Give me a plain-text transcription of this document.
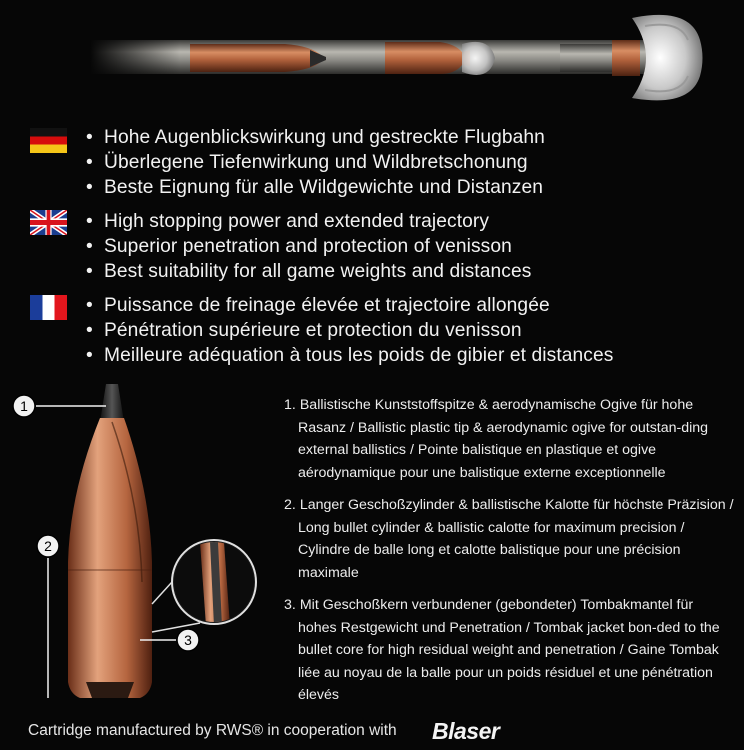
• Hohe Augenblickswirkung und gestreckte Flugbahn
• Überlegene Tiefenwirkung und Wildbretschonung
• Beste Eignung für alle Wildgewichte und Distanzen
• High stopping power and extended trajectory
• Superior penetration and protection of venisson
• Best suitability for all game weights and distances
• Puissance de freinage élevée et trajectoire allongée
• Pénétration supérieure et protection du venisson
• Meilleure adéquation à tous les poids de gibier et distances
1
2
3
1. Ballistische Kunststoffspitze & aerodynamische Ogive für hohe Rasanz / Ballistic plastic tip & aerodynamic ogive for outstan-ding external ballistics / Pointe balistique en plastique et ogive aérodynamique pour une balistique externe exceptionnelle
2. Langer Geschoßzylinder & ballistische Kalotte für höchste Präzision / Long bullet cylinder & ballistic calotte for maximum precision / Cylindre de balle long et calotte balistique pour une précision maximale
3. Mit Geschoßkern verbundener (gebondeter) Tombakmantel für hohes Restgewicht und Penetration / Tombak jacket bon-ded to the bullet core for high residual weight and penetration / Gaine Tombak liée au noyau de la balle pour un poids résiduel et une pénétration élevés
Cartridge manufactured by RWS® in cooperation with Blaser
